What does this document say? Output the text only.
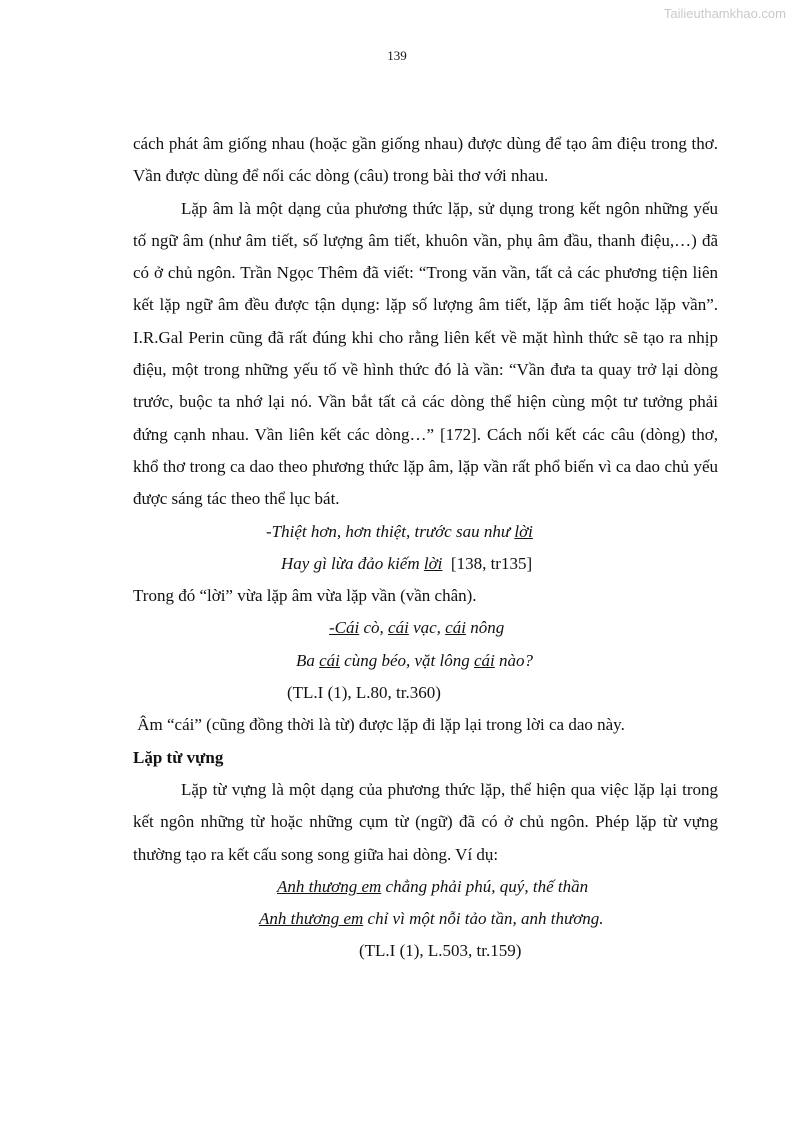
Tailieuthamkhao.com
139

cách phát âm giống nhau (hoặc gần giống nhau) được dùng để tạo âm điệu trong thơ. Vần được dùng để nối các dòng (câu) trong bài thơ với nhau.

Lặp âm là một dạng của phương thức lặp, sử dụng trong kết ngôn những yếu tố ngữ âm (như âm tiết, số lượng âm tiết, khuôn vần, phụ âm đầu, thanh điệu,…) đã có ở chủ ngôn. Trần Ngọc Thêm đã viết: “Trong văn vần, tất cả các phương tiện liên kết lặp ngữ âm đều được tận dụng: lặp số lượng âm tiết, lặp âm tiết hoặc lặp vần”. I.R.Gal Perin cũng đã rất đúng khi cho rằng liên kết về mặt hình thức sẽ tạo ra nhịp điệu, một trong những yếu tố về hình thức đó là vần: “Vần đưa ta quay trở lại dòng trước, buộc ta nhớ lại nó. Vần bắt tất cả các dòng thể hiện cùng một tư tưởng phải đứng cạnh nhau. Vần liên kết các dòng…” [172]. Cách nối kết các câu (dòng) thơ, khổ thơ trong ca dao theo phương thức lặp âm, lặp vần rất phổ biến vì ca dao chủ yếu được sáng tác theo thể lục bát.

-Thiệt hơn, hơn thiệt, trước sau như lời
Hay gì lừa đảo kiếm lời  [138, tr135]

Trong đó “lời” vừa lặp âm vừa lặp vần (vần chân).

-Cái cò, cái vạc, cái nông
Ba cái cùng béo, vặt lông cái nào?
(TL.I (1), L.80, tr.360)

Âm “cái” (cũng đồng thời là từ) được lặp đi lặp lại trong lời ca dao này.

Lặp từ vựng

Lặp từ vựng là một dạng của phương thức lặp, thể hiện qua việc lặp lại trong kết ngôn những từ hoặc những cụm từ (ngữ) đã có ở chủ ngôn. Phép lặp từ vựng thường tạo ra kết cấu song song giữa hai dòng. Ví dụ:

Anh thương em chẳng phải phú, quý, thế thần
Anh thương em chỉ vì một nỗi tảo tần, anh thương.
(TL.I (1), L.503, tr.159)
